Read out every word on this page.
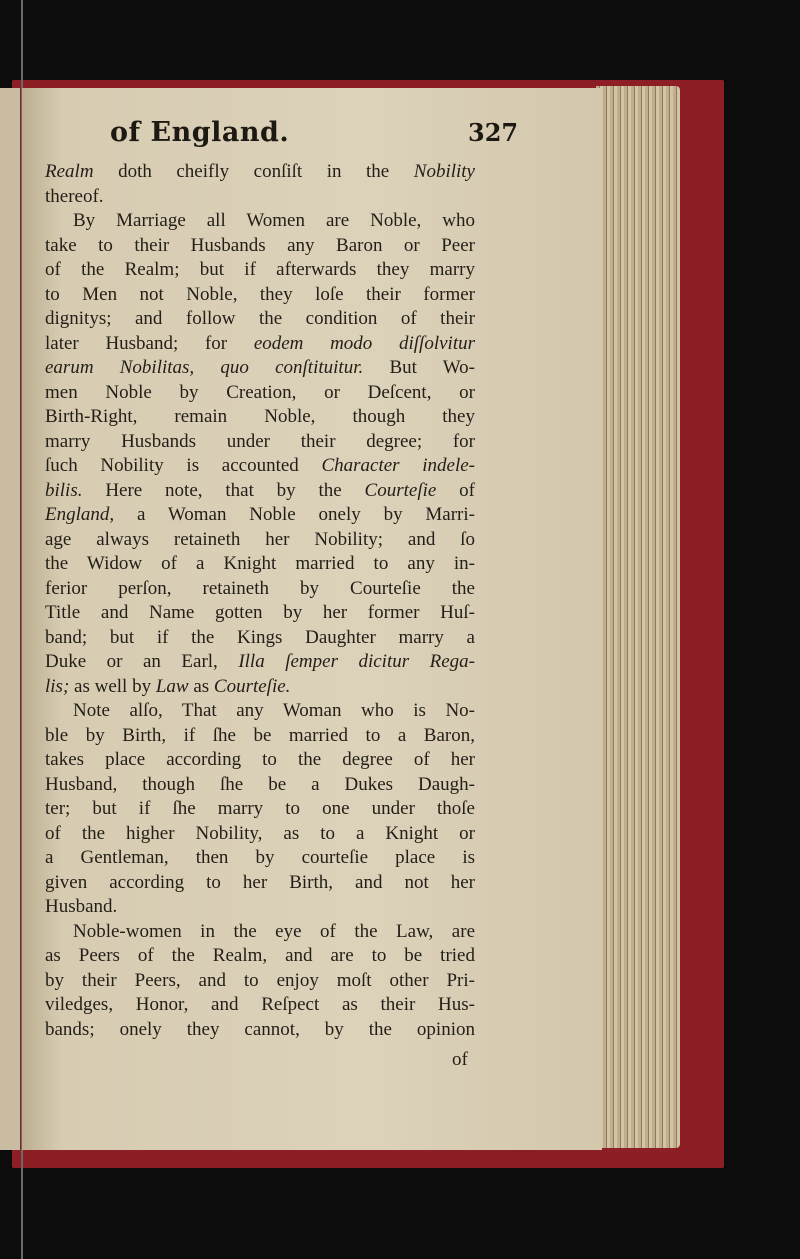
of England.	327
Realm doth cheifly conſiſt in the Nobility
thereof.
By Marriage all Women are Noble, who
take to their Husbands any Baron or Peer
of the Realm; but if afterwards they marry
to Men not Noble, they loſe their former
dignitys; and follow the condition of their
later Husband; for eodem modo diſſolvitur
earum Nobilitas, quo conſtituitur. But Wo-
men Noble by Creation, or Deſcent, or
Birth-Right, remain Noble, though they
marry Husbands under their degree; for
ſuch Nobility is accounted Character indele-
bilis. Here note, that by the Courteſie of
England, a Woman Noble onely by Marri-
age always retaineth her Nobility; and ſo
the Widow of a Knight married to any in-
ferior perſon, retaineth by Courteſie the
Title and Name gotten by her former Huſ-
band; but if the Kings Daughter marry a
Duke or an Earl, Illa ſemper dicitur Rega-
lis; as well by Law as Courteſie.
Note alſo, That any Woman who is No-
ble by Birth, if ſhe be married to a Baron,
takes place according to the degree of her
Husband, though ſhe be a Dukes Daugh-
ter; but if ſhe marry to one under thoſe
of the higher Nobility, as to a Knight or
a Gentleman, then by courteſie place is
given according to her Birth, and not her
Husband.
Noble-women in the eye of the Law, are
as Peers of the Realm, and are to be tried
by their Peers, and to enjoy moſt other Pri-
viledges, Honor, and Reſpect as their Hus-
bands; onely they cannot, by the opinion
of
